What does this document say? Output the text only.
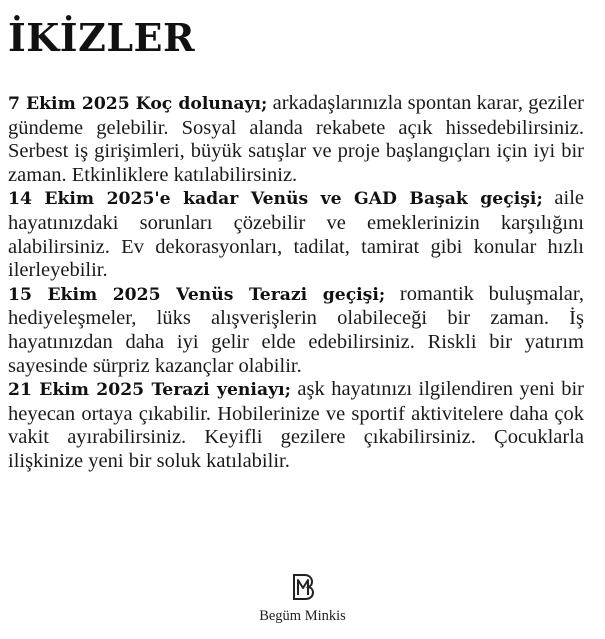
İKİZLER

7 Ekim 2025 Koç dolunayı; arkadaşlarınızla spontan karar, geziler gündeme gelebilir. Sosyal alanda rekabete açık hissedebilirsiniz. Serbest iş girişimleri, büyük satışlar ve proje başlangıçları için iyi bir zaman. Etkinliklere katılabilirsiniz.

14 Ekim 2025'e kadar Venüs ve GAD Başak geçişi; aile hayatınızdaki sorunları çözebilir ve emeklerinizin karşılığını alabilirsiniz. Ev dekorasyonları, tadilat, tamirat gibi konular hızlı ilerleyebilir.

15 Ekim 2025 Venüs Terazi geçişi; romantik buluşmalar, hediyeleşmeler, lüks alışverişlerin olabileceği bir zaman. İş hayatınızdan daha iyi gelir elde edebilirsiniz. Riskli bir yatırım sayesinde sürpriz kazançlar olabilir.

21 Ekim 2025 Terazi yeniayı; aşk hayatınızı ilgilendiren yeni bir heyecan ortaya çıkabilir. Hobilerinize ve sportif aktivitelere daha çok vakit ayırabilirsiniz. Keyifli gezilere çıkabilirsiniz. Çocuklarla ilişkinize yeni bir soluk katılabilir.

Begüm Minkis
